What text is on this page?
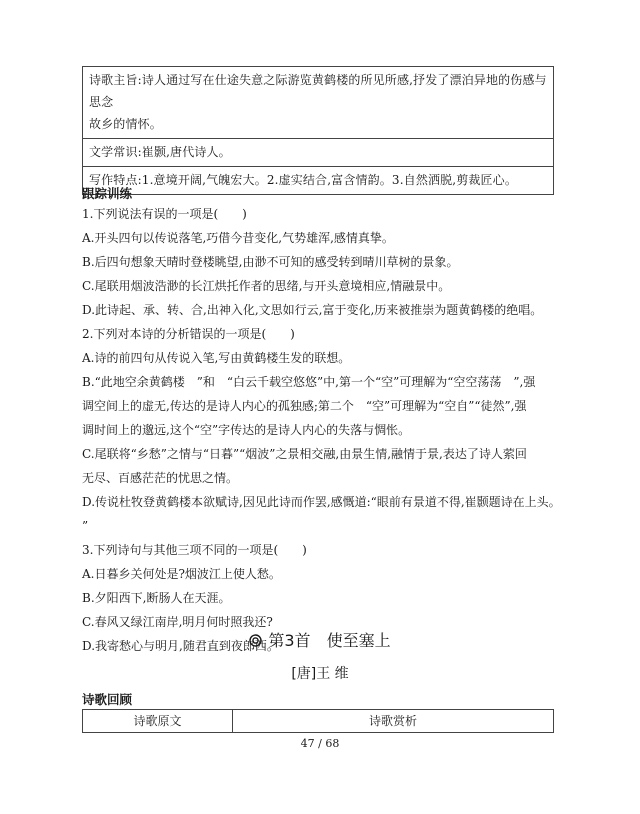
诗歌主旨:诗人通过写在仕途失意之际游览黄鹤楼的所见所感,抒发了漂泊异地的伤感与思念

故乡的情怀。

文学常识:崔颢,唐代诗人。

写作特点:1.意境开阔,气魄宏大。2.虚实结合,富含情韵。3.自然洒脱,剪裁匠心。

跟踪训练

1.下列说法有误的一项是(　　)

A.开头四句以传说落笔,巧借今昔变化,气势雄浑,感情真挚。

B.后四句想象天晴时登楼眺望,由渺不可知的感受转到晴川草树的景象。

C.尾联用烟波浩渺的长江烘托作者的思绪,与开头意境相应,情融景中。

D.此诗起、承、转、合,出神入化,文思如行云,富于变化,历来被推崇为题黄鹤楼的绝唱。

2.下列对本诗的分析错误的一项是(　　)

A.诗的前四句从传说入笔,写由黄鹤楼生发的联想。

B.“此地空余黄鹤楼　”和　“白云千载空悠悠”中,第一个“空”可理解为“空空荡荡　”,强

调空间上的虚无,传达的是诗人内心的孤独感;第二个　“空”可理解为“空自”“徒然”,强

调时间上的邈远,这个“空”字传达的是诗人内心的失落与惆怅。

C.尾联将“乡愁”之情与“日暮”“烟波”之景相交融,由景生情,融情于景,表达了诗人萦回

无尽、百感茫茫的忧思之情。

D.传说杜牧登黄鹤楼本欲赋诗,因见此诗而作罢,感慨道:“眼前有景道不得,崔颢题诗在上头。

”

3.下列诗句与其他三项不同的一项是(　　)

A.日暮乡关何处是?烟波江上使人愁。

B.夕阳西下,断肠人在天涯。

C.春风又绿江南岸,明月何时照我还?

D.我寄愁心与明月,随君直到夜郎西。

第3首　使至塞上
[唐]王 维
诗歌回顾
诗歌原文	诗歌赏析
47 / 68
